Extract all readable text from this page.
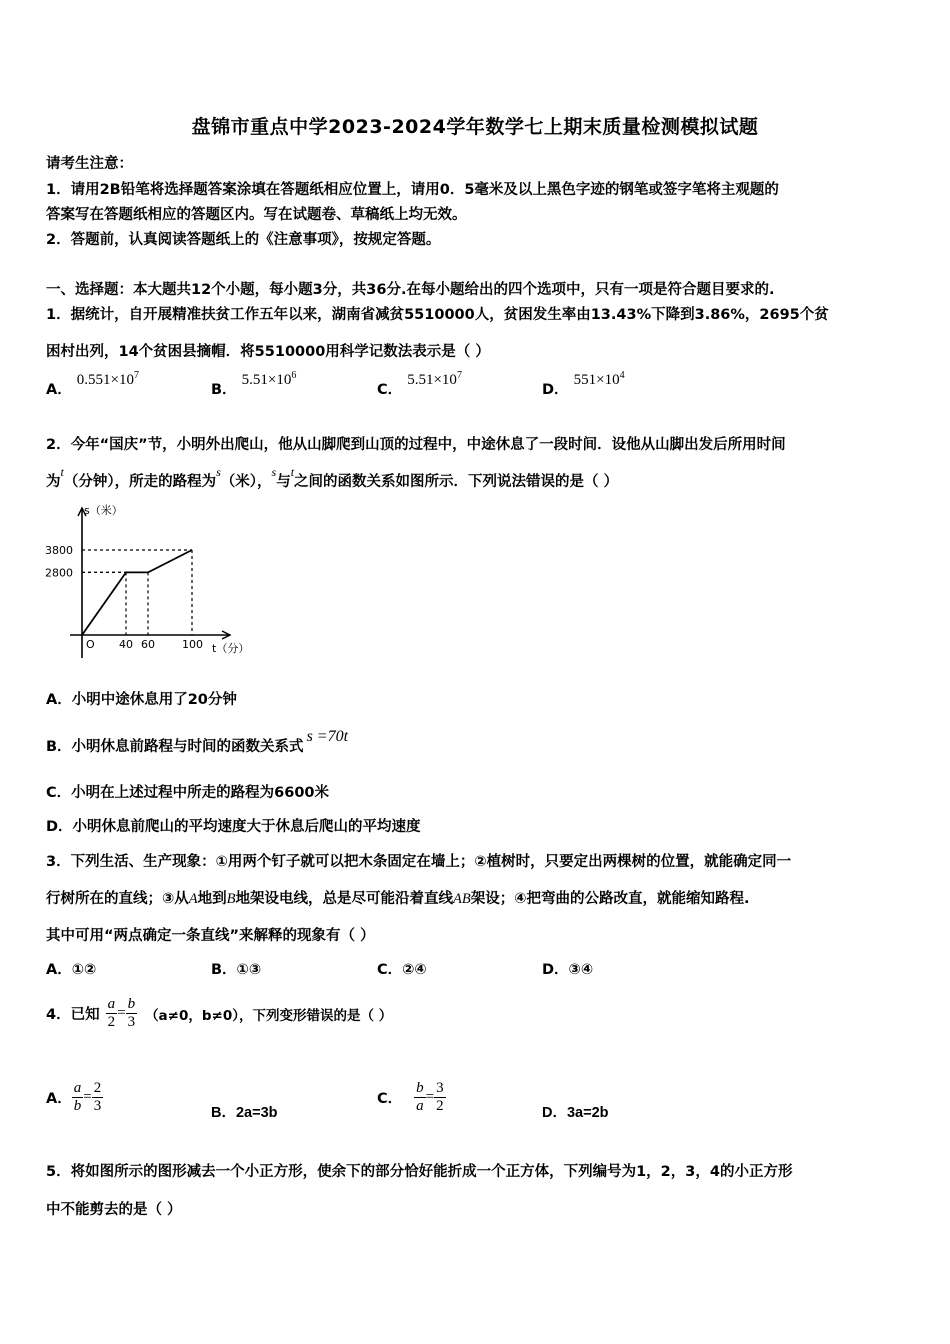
盘锦市重点中学2023-2024学年数学七上期末质量检测模拟试题
请考生注意：
1．请用2B铅笔将选择题答案涂填在答题纸相应位置上，请用0．5毫米及以上黑色字迹的钢笔或签字笔将主观题的
答案写在答题纸相应的答题区内。写在试题卷、草稿纸上均无效。
2．答题前，认真阅读答题纸上的《注意事项》，按规定答题。
一、选择题：本大题共12个小题，每小题3分，共36分.在每小题给出的四个选项中，只有一项是符合题目要求的.
1．据统计，自开展精准扶贫工作五年以来，湖南省减贫5510000人，贫困发生率由13.43%下降到3.86%，2695个贫
困村出列，14个贫困县摘帽．将5510000用科学记数法表示是（ ）
A． $0.551\times 10^7$
B． $5.51\times 10^6$
C． $5.51\times 10^7$
D． $551\times 10^4$
2．今年“国庆”节，小明外出爬山，他从山脚爬到山顶的过程中，中途休息了一段时间．设他从山脚出发后所用时间
为$^t$（分钟），所走的路程为$^s$（米），$^s$与$^t$之间的函数关系如图所示．下列说法错误的是（ ）
s（米）
t（分）
O 40 60 100
2800
3800
A．小明中途休息用了20分钟
B．小明休息前路程与时间的函数关系式s =70t
C．小明在上述过程中所走的路程为6600米
D．小明休息前爬山的平均速度大于休息后爬山的平均速度
3．下列生活、生产现象：①用两个钉子就可以把木条固定在墙上；②植树时，只要定出两棵树的位置，就能确定同一
行树所在的直线；③从A地到B地架设电线，总是尽可能沿着直线AB架设；④把弯曲的公路改直，就能缩知路程.
其中可用“两点确定一条直线”来解释的现象有（ ）
A．①②	B．①③	C．②④	D．③④
4．已知 $\frac{a}{2} = \frac{b}{3} (a\ne 0$，b≠0），下列变形错误的是（ ）
A． $\frac{a}{b} = \frac{2}{3}$	B．2a=3b
C． $\frac{b}{a} = \frac{3}{2}$	D．3a=2b
5．将如图所示的图形减去一个小正方形，使余下的部分恰好能折成一个正方体，下列编号为1，2，3，4的小正方形
中不能剪去的是（ ）
